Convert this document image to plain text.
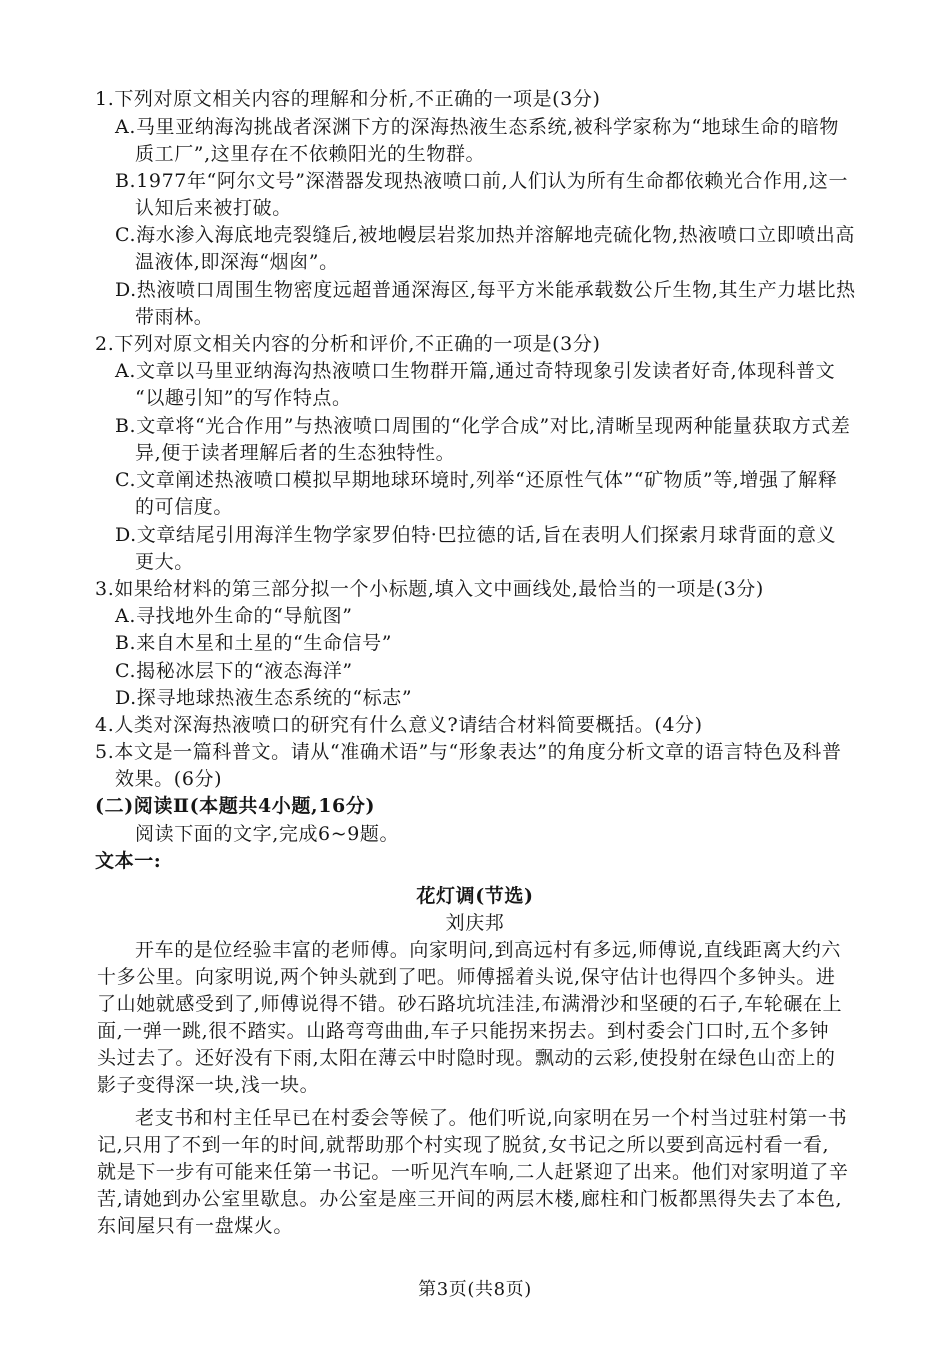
1.下列对原文相关内容的理解和分析,不正确的一项是(3分)
A.马里亚纳海沟挑战者深渊下方的深海热液生态系统,被科学家称为“地球生命的暗物
质工厂”,这里存在不依赖阳光的生物群。
B.1977年“阿尔文号”深潜器发现热液喷口前,人们认为所有生命都依赖光合作用,这一
认知后来被打破。
C.海水渗入海底地壳裂缝后,被地幔层岩浆加热并溶解地壳硫化物,热液喷口立即喷出高
温液体,即深海“烟囱”。
D.热液喷口周围生物密度远超普通深海区,每平方米能承载数公斤生物,其生产力堪比热
带雨林。
2.下列对原文相关内容的分析和评价,不正确的一项是(3分)
A.文章以马里亚纳海沟热液喷口生物群开篇,通过奇特现象引发读者好奇,体现科普文
“以趣引知”的写作特点。
B.文章将“光合作用”与热液喷口周围的“化学合成”对比,清晰呈现两种能量获取方式差
异,便于读者理解后者的生态独特性。
C.文章阐述热液喷口模拟早期地球环境时,列举“还原性气体”“矿物质”等,增强了解释
的可信度。
D.文章结尾引用海洋生物学家罗伯特·巴拉德的话,旨在表明人们探索月球背面的意义
更大。
3.如果给材料的第三部分拟一个小标题,填入文中画线处,最恰当的一项是(3分)
A.寻找地外生命的“导航图”
B.来自木星和土星的“生命信号”
C.揭秘冰层下的“液态海洋”
D.探寻地球热液生态系统的“标志”
4.人类对深海热液喷口的研究有什么意义?请结合材料简要概括。(4分)
5.本文是一篇科普文。请从“准确术语”与“形象表达”的角度分析文章的语言特色及科普
效果。(6分)
(二)阅读Ⅱ(本题共4小题,16分)
阅读下面的文字,完成6~9题。
文本一:
花灯调(节选)
刘庆邦
开车的是位经验丰富的老师傅。向家明问,到高远村有多远,师傅说,直线距离大约六
十多公里。向家明说,两个钟头就到了吧。师傅摇着头说,保守估计也得四个多钟头。进
了山她就感受到了,师傅说得不错。砂石路坑坑洼洼,布满滑沙和坚硬的石子,车轮碾在上
面,一弹一跳,很不踏实。山路弯弯曲曲,车子只能拐来拐去。到村委会门口时,五个多钟
头过去了。还好没有下雨,太阳在薄云中时隐时现。飘动的云彩,使投射在绿色山峦上的
影子变得深一块,浅一块。
老支书和村主任早已在村委会等候了。他们听说,向家明在另一个村当过驻村第一书
记,只用了不到一年的时间,就帮助那个村实现了脱贫,女书记之所以要到高远村看一看,
就是下一步有可能来任第一书记。一听见汽车响,二人赶紧迎了出来。他们对家明道了辛
苦,请她到办公室里歇息。办公室是座三开间的两层木楼,廊柱和门板都黑得失去了本色,
东间屋只有一盘煤火。
第3页(共8页)
